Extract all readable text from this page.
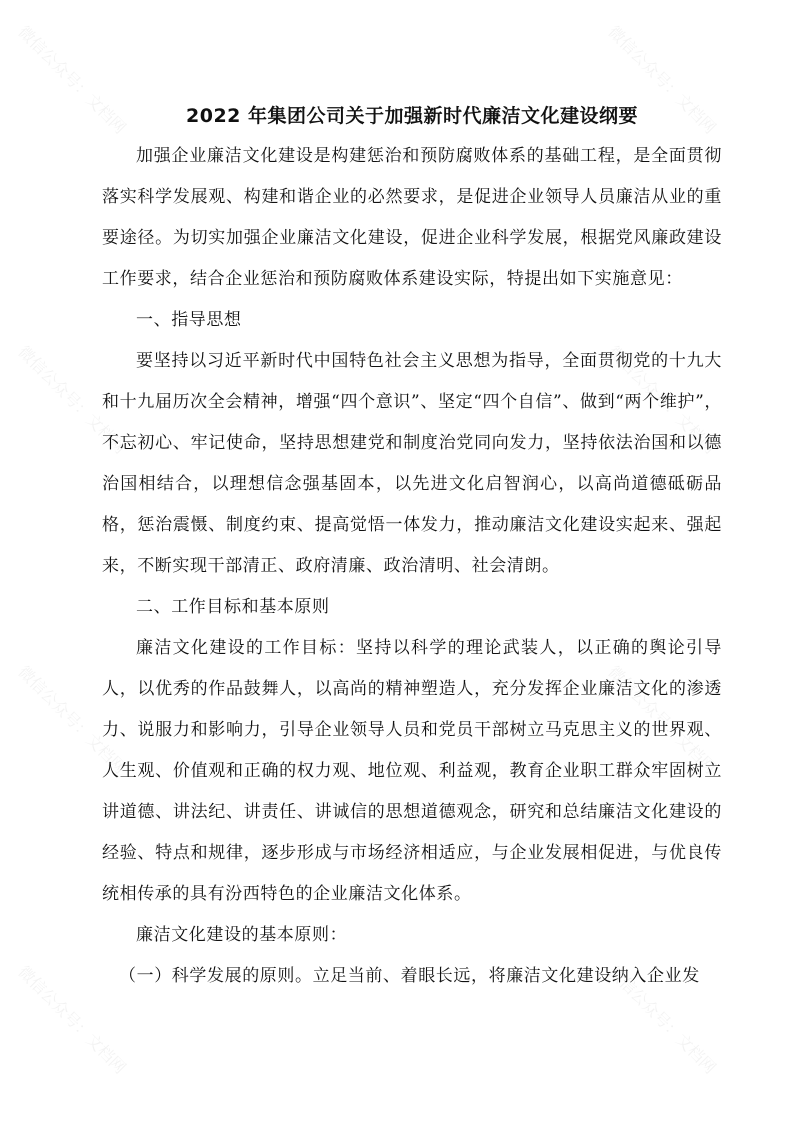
微信公众号：文档网	微信公众号：文档网
微信公众号：文档网	微信公众号：文档网
微信公众号：文档网	微信公众号：文档网
微信公众号：文档网	微信公众号：文档网
2022 年集团公司关于加强新时代廉洁文化建设纲要

加强企业廉洁文化建设是构建惩治和预防腐败体系的基础工程，是全面贯彻落实科学发展观、构建和谐企业的必然要求，是促进企业领导人员廉洁从业的重要途径。为切实加强企业廉洁文化建设，促进企业科学发展，根据党风廉政建设工作要求，结合企业惩治和预防腐败体系建设实际，特提出如下实施意见：

一、指导思想

要坚持以习近平新时代中国特色社会主义思想为指导，全面贯彻党的十九大和十九届历次全会精神，增强“四个意识”、坚定“四个自信”、做到“两个维护”，不忘初心、牢记使命，坚持思想建党和制度治党同向发力，坚持依法治国和以德治国相结合，以理想信念强基固本，以先进文化启智润心，以高尚道德砥砺品格，惩治震慑、制度约束、提高觉悟一体发力，推动廉洁文化建设实起来、强起来，不断实现干部清正、政府清廉、政治清明、社会清朗。

二、工作目标和基本原则

廉洁文化建设的工作目标：坚持以科学的理论武装人，以正确的舆论引导人，以优秀的作品鼓舞人，以高尚的精神塑造人，充分发挥企业廉洁文化的渗透力、说服力和影响力，引导企业领导人员和党员干部树立马克思主义的世界观、人生观、价值观和正确的权力观、地位观、利益观，教育企业职工群众牢固树立讲道德、讲法纪、讲责任、讲诚信的思想道德观念，研究和总结廉洁文化建设的经验、特点和规律，逐步形成与市场经济相适应，与企业发展相促进，与优良传统相传承的具有汾西特色的企业廉洁文化体系。

廉洁文化建设的基本原则：

（一）科学发展的原则。立足当前、着眼长远，将廉洁文化建设纳入企业发
